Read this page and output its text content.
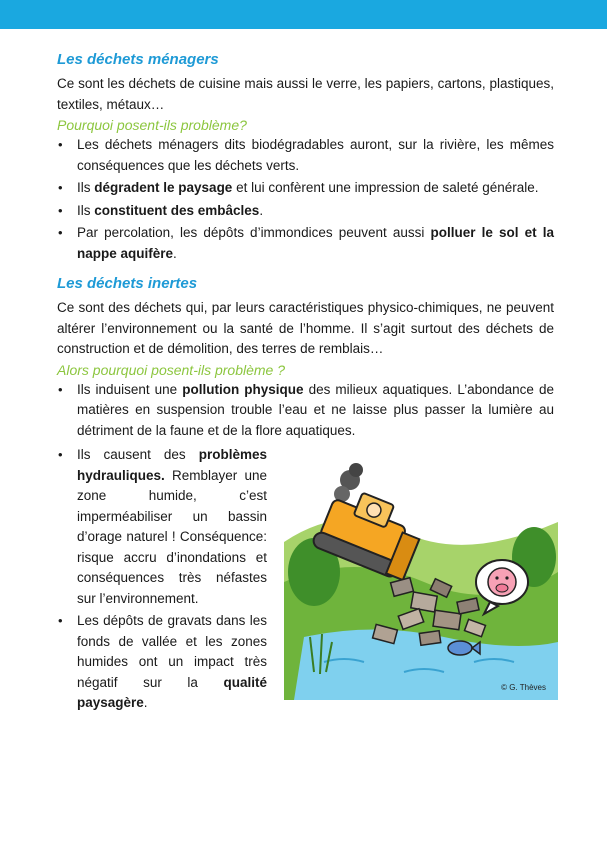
Les déchets ménagers

Ce sont les déchets de cuisine mais aussi le verre, les papiers, cartons, plastiques, textiles, métaux…

Pourquoi posent-ils problème?
• Les déchets ménagers dits biodégradables auront, sur la rivière, les mêmes conséquences que les déchets verts.
• Ils dégradent le paysage et lui confèrent une impression de saleté générale.
• Ils constituent des embâcles.
• Par percolation, les dépôts d’immondices peuvent aussi polluer le sol et la nappe aquifère.
Les déchets inertes

Ce sont des déchets qui, par leurs caractéristiques physico-chimiques, ne peuvent altérer l’environnement ou la santé de l’homme. Il s’agit surtout des déchets de construction et de démolition, des terres de remblais…

Alors pourquoi posent-ils problème ?
• Ils induisent une pollution physique des milieux aquatiques. L’abondance de matières en suspension trouble l’eau et ne laisse plus passer la lumière au détriment de la faune et de la flore aquatiques.
• Ils causent des problèmes hydrauliques. Remblayer une zone humide, c’est imperméabiliser un bassin d’orage naturel ! Conséquence: risque accru d’inondations et conséquences très néfastes sur l’environnement.
• Les dépôts de gravats dans les fonds de vallée et les zones humides ont un impact très négatif sur la qualité paysagère.
© G. Thèves
